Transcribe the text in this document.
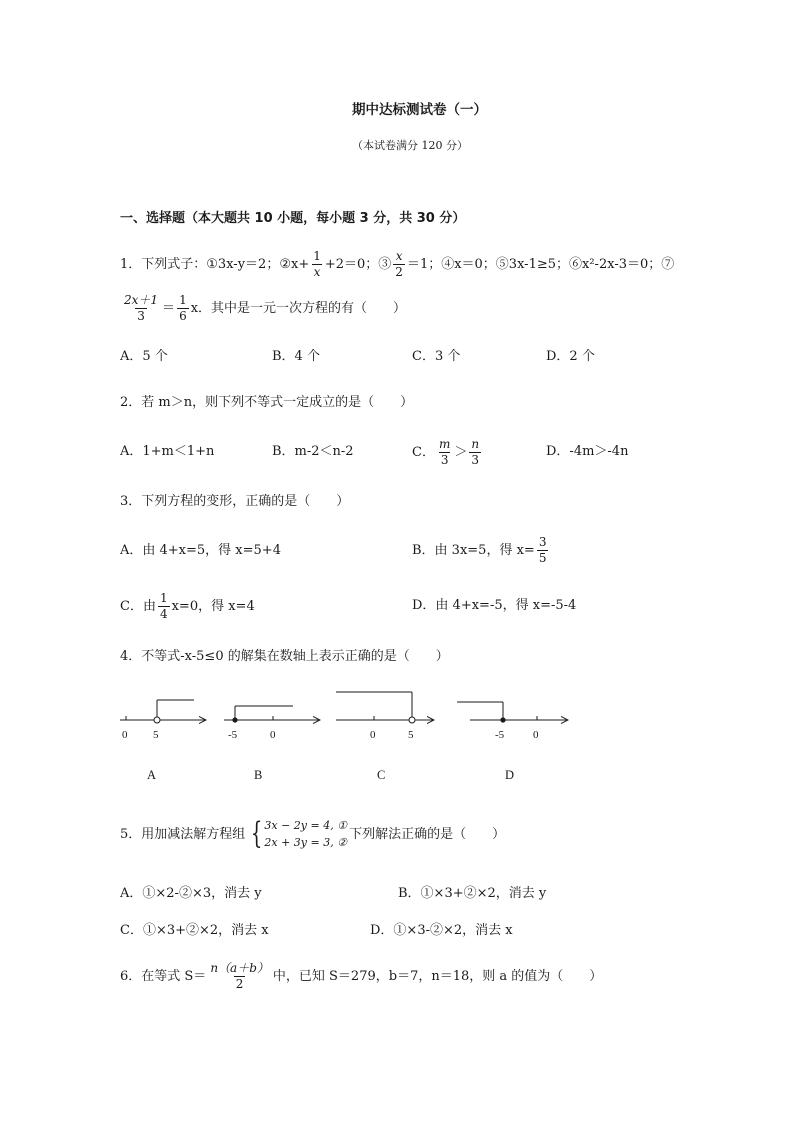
期中达标测试卷（一）
（本试卷满分 120 分）
一、选择题（本大题共 10 小题，每小题 3 分，共 30 分）
1．下列式子： ①3x-y＝2； ②x+ $\frac{1}{x} +2=0$；③ $\frac{x}{2} =1$；④x＝0；⑤3x-1≥5；⑥x²-2x-3＝0；⑦
$\frac{2x+1}{3} = \frac{1}{6}$ x．其中是一元一次方程的有（　　）
A．5 个	B．4 个	C．3 个	D．2 个
2．若 m＞n，则下列不等式一定成立的是（　　）
A．1+m＜1+n	B．m-2＜n-2	C． $\frac{m}{3} > \frac{n}{3}$	D．-4m＞-4n
3．下列方程的变形，正确的是（　　）
A．由 4+x=5，得 x=5+4	B．由 3x=5，得 $x= \frac{3}{5}$
C．由 $\frac{1}{4} x=0$，得 x=4	D．由 4+x=-5，得 x=-5-4
4．不等式-x-5≤0 的解集在数轴上表示正确的是（　　）
0 5	-5	0	0	5	-5	0
A	B	C	D
5．用加减法解方程组 { 3x − 2y = 4, ①
2x + 3y = 3, ②
下列解法正确的是（　　）
A．①×2-②×3，消去 y	B．①×3+②×2，消去 y
C．①×3+②×2，消去 x	D．①×3-②×2，消去 x
6．在等式 $S= \frac{n(a+b)}{2}$ 中，已知 S＝279，b＝7，n＝18，则 a 的值为（　　）
